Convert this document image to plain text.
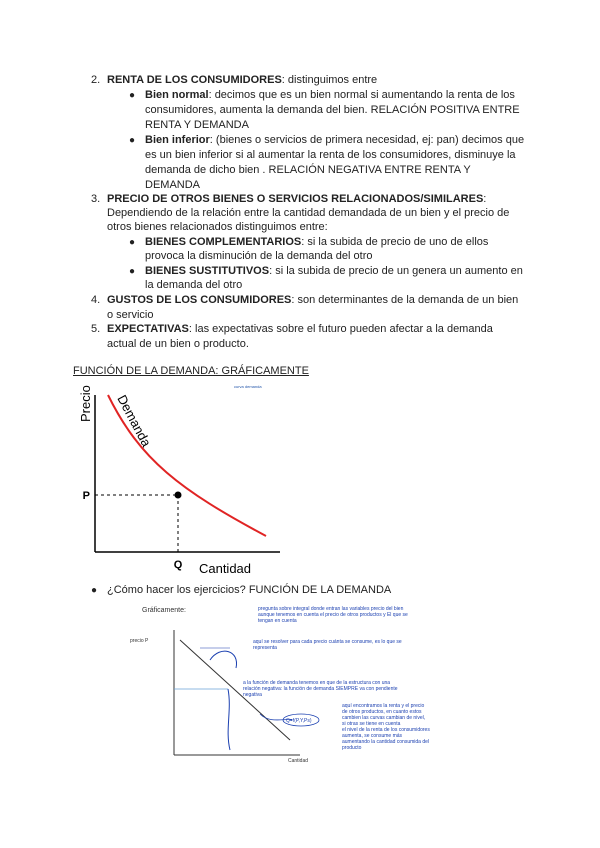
2. RENTA DE LOS CONSUMIDORES: distinguimos entre
● Bien normal: decimos que es un bien normal si aumentando la renta de los
consumidores, aumenta la demanda del bien. RELACIÓN POSITIVA ENTRE
RENTA Y DEMANDA
● Bien inferior: (bienes o servicios de primera necesidad, ej: pan) decimos que
es un bien inferior si al aumentar la renta de los consumidores, disminuye la
demanda de dicho bien . RELACIÓN NEGATIVA ENTRE RENTA Y
DEMANDA
3. PRECIO DE OTROS BIENES O SERVICIOS RELACIONADOS/SIMILARES:
Dependiendo de la relación entre la cantidad demandada de un bien y el precio de
otros bienes relacionados distinguimos entre:
● BIENES COMPLEMENTARIOS: si la subida de precio de uno de ellos
provoca la disminución de la demanda del otro
● BIENES SUSTITUTIVOS: si la subida de precio de un genera un aumento en
la demanda del otro
4. GUSTOS DE LOS CONSUMIDORES: son determinantes de la demanda de un bien
o servicio
5. EXPECTATIVAS: las expectativas sobre el futuro pueden afectar a la demanda
actual de un bien o producto.
FUNCIÓN DE LA DEMANDA: GRÁFICAMENTE
curva demanda
P
Q Cantidad
Precio Demanda
● ¿Cómo hacer los ejercicios? FUNCIÓN DE LA DEMANDA
Gráficamente:
precio P
Cantidad
Q=f(P,Y,Ps)
pregunta sobre integral donde entran las variables precio del bien
aunque tenemos en cuenta el precio de otros productos y El que se
tengan en cuenta
aquí se resolver para cada precio cuánta se consume, es lo que se
representa
a la función de demanda tenemos en que de la estructura con una
relación negativa: la función de demanda SIEMPRE va con pendiente
negativa
aquí encontramos la renta y el precio
de otros productos, en cuanto estos
cambien las curvas cambian de nivel,
si otras se tiene en cuenta
el nivel de la renta de los consumidores
aumenta, se consume más
aumentando la cantidad consumida del
producto
